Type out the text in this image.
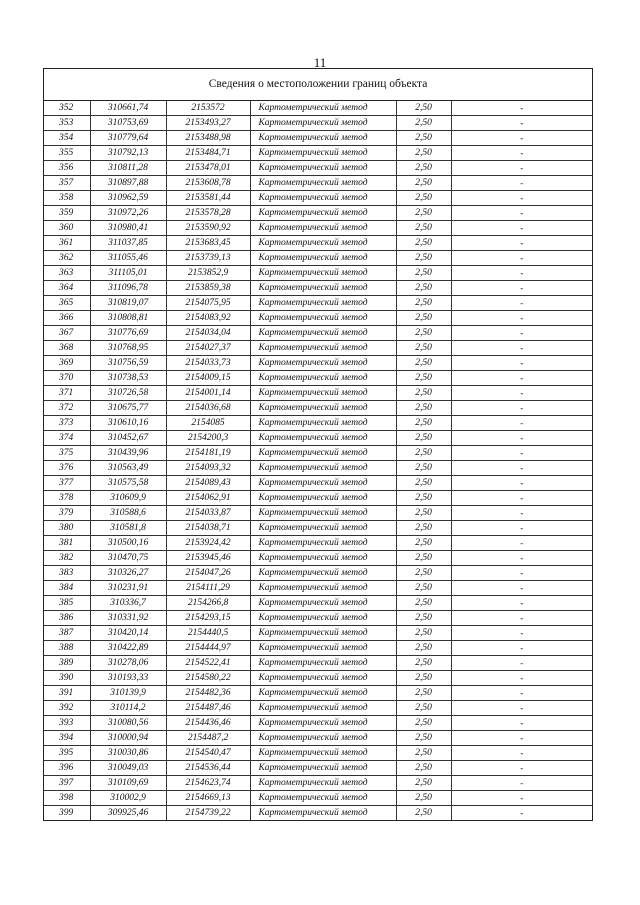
11
Сведения о местоположении границ объекта
352	310661,74	2153572	Картометрический метод	2,50	-
353	310753,69	2153493,27	Картометрический метод	2,50	-
354	310779,64	2153488,98	Картометрический метод	2,50	-
355	310792,13	2153484,71	Картометрический метод	2,50	-
356	310811,28	2153478,01	Картометрический метод	2,50	-
357	310897,88	2153608,78	Картометрический метод	2,50	-
358	310962,59	2153581,44	Картометрический метод	2,50	-
359	310972,26	2153578,28	Картометрический метод	2,50	-
360	310980,41	2153590,92	Картометрический метод	2,50	-
361	311037,85	2153683,45	Картометрический метод	2,50	-
362	311055,46	2153739,13	Картометрический метод	2,50	-
363	311105,01	2153852,9	Картометрический метод	2,50	-
364	311096,78	2153859,38	Картометрический метод	2,50	-
365	310819,07	2154075,95	Картометрический метод	2,50	-
366	310808,81	2154083,92	Картометрический метод	2,50	-
367	310776,69	2154034,04	Картометрический метод	2,50	-
368	310768,95	2154027,37	Картометрический метод	2,50	-
369	310756,59	2154033,73	Картометрический метод	2,50	-
370	310738,53	2154009,15	Картометрический метод	2,50	-
371	310726,58	2154001,14	Картометрический метод	2,50	-
372	310675,77	2154036,68	Картометрический метод	2,50	-
373	310610,16	2154085	Картометрический метод	2,50	-
374	310452,67	2154200,3	Картометрический метод	2,50	-
375	310439,96	2154181,19	Картометрический метод	2,50	-
376	310563,49	2154093,32	Картометрический метод	2,50	-
377	310575,58	2154089,43	Картометрический метод	2,50	-
378	310609,9	2154062,91	Картометрический метод	2,50	-
379	310588,6	2154033,87	Картометрический метод	2,50	-
380	310581,8	2154038,71	Картометрический метод	2,50	-
381	310500,16	2153924,42	Картометрический метод	2,50	-
382	310470,75	2153945,46	Картометрический метод	2,50	-
383	310326,27	2154047,26	Картометрический метод	2,50	-
384	310231,91	2154111,29	Картометрический метод	2,50	-
385	310336,7	2154266,8	Картометрический метод	2,50	-
386	310331,92	2154293,15	Картометрический метод	2,50	-
387	310420,14	2154440,5	Картометрический метод	2,50	-
388	310422,89	2154444,97	Картометрический метод	2,50	-
389	310278,06	2154522,41	Картометрический метод	2,50	-
390	310193,33	2154580,22	Картометрический метод	2,50	-
391	310139,9	2154482,36	Картометрический метод	2,50	-
392	310114,2	2154487,46	Картометрический метод	2,50	-
393	310080,56	2154436,46	Картометрический метод	2,50	-
394	310000,94	2154487,2	Картометрический метод	2,50	-
395	310030,86	2154540,47	Картометрический метод	2,50	-
396	310049,03	2154536,44	Картометрический метод	2,50	-
397	310109,69	2154623,74	Картометрический метод	2,50	-
398	310002,9	2154669,13	Картометрический метод	2,50	-
399	309925,46	2154739,22	Картометрический метод	2,50	-
